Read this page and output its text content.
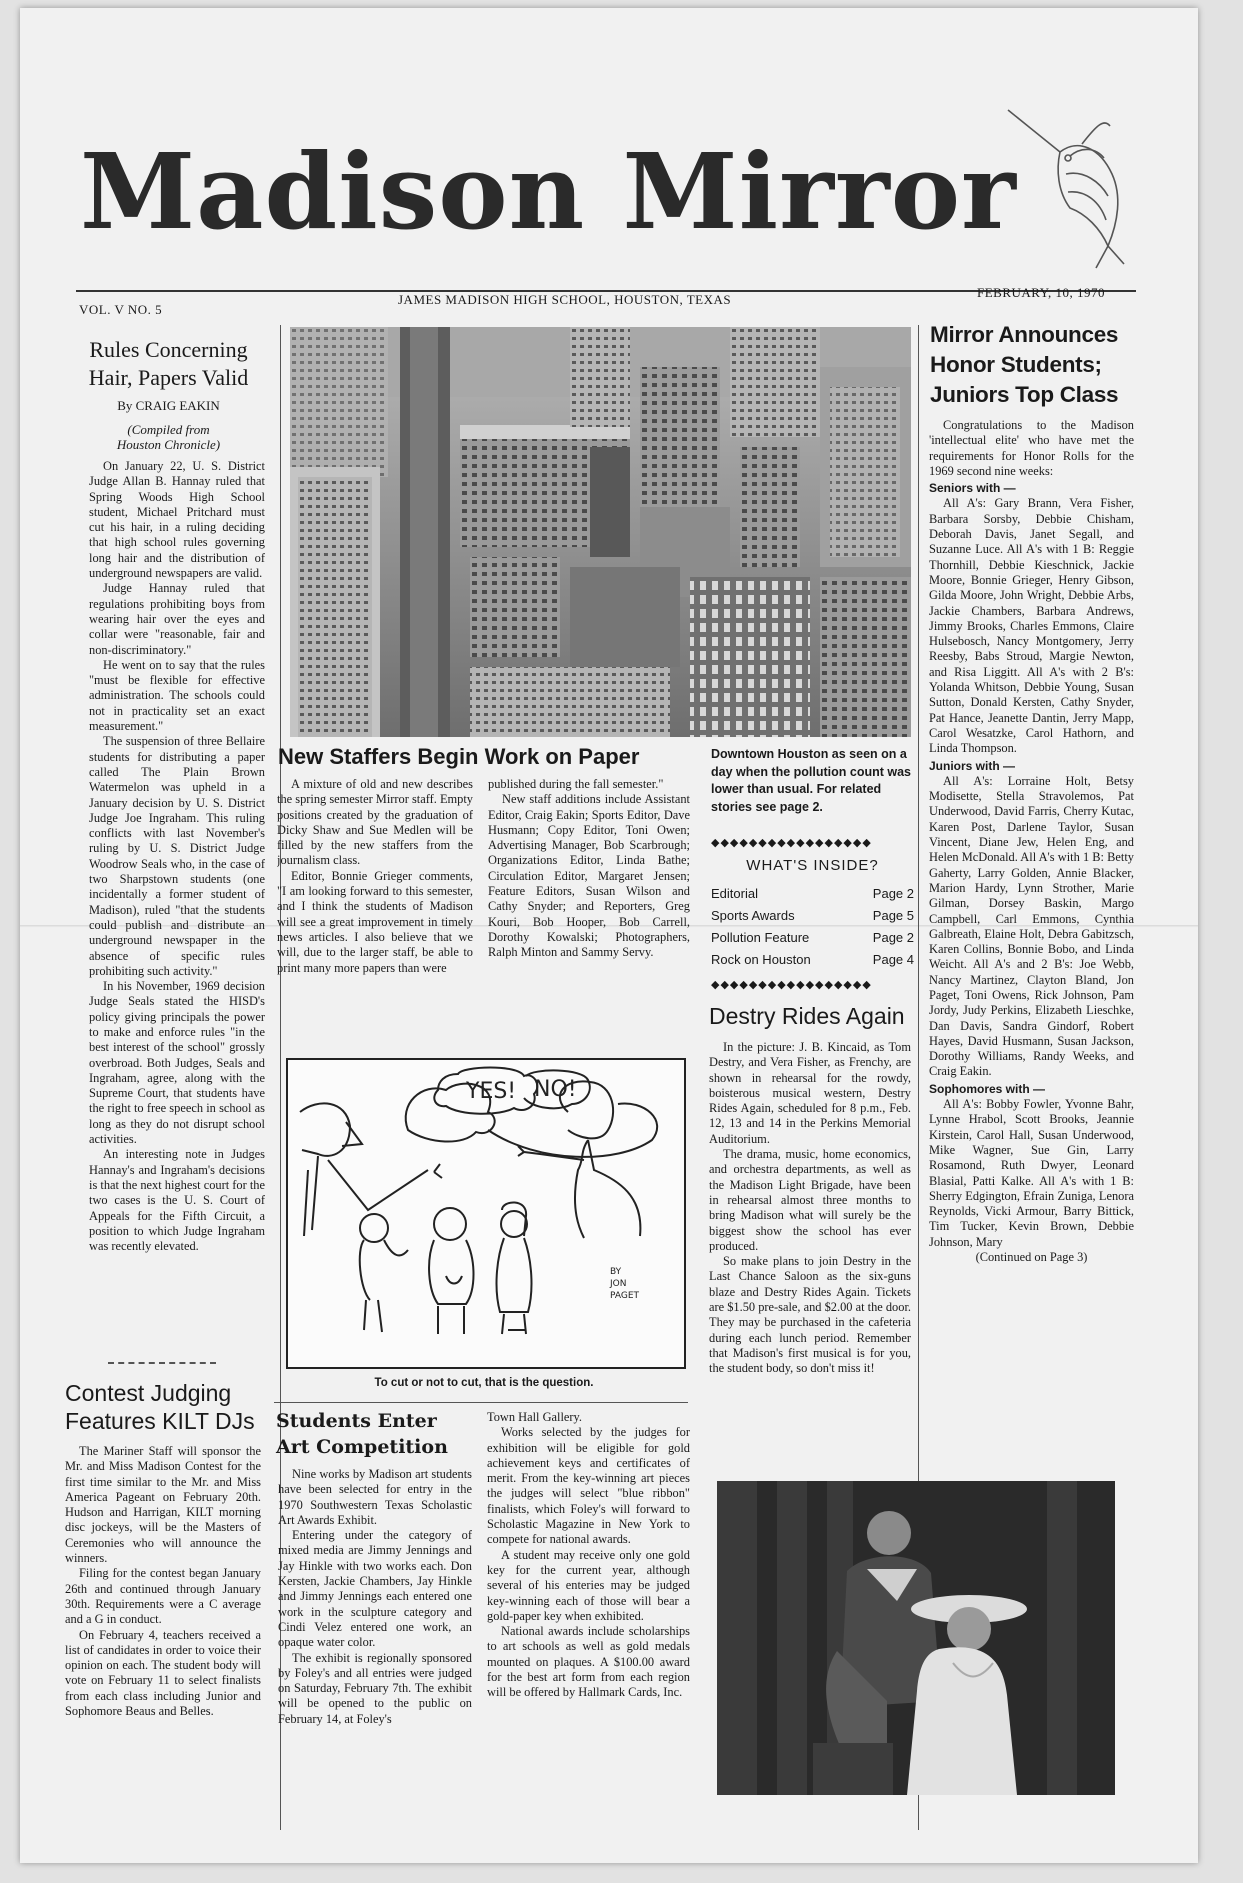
Madison Mirror
VOL. V NO. 5
JAMES MADISON HIGH SCHOOL, HOUSTON, TEXAS	FEBRUARY, 10, 1970
Rules Concerning
Hair, Papers Valid
By CRAIG EAKIN
(Compiled from
Houston Chronicle)

On January 22, U. S. District Judge Allan B. Hannay ruled that Spring Woods High School student, Michael Pritchard must cut his hair, in a ruling deciding that high school rules governing long hair and the distribution of underground newspapers are valid.

Judge Hannay ruled that regulations prohibiting boys from wearing hair over the eyes and collar were "reasonable, fair and non-discriminatory."

He went on to say that the rules "must be flexible for effective administration. The schools could not in practicality set an exact measurement."

The suspension of three Bellaire students for distributing a paper called The Plain Brown Watermelon was upheld in a January decision by U. S. District Judge Joe Ingraham. This ruling conflicts with last November's ruling by U. S. District Judge Woodrow Seals who, in the case of two Sharpstown students (one incidentally a former student of Madison), ruled "that the students could publish and distribute an underground newspaper in the absence of specific rules prohibiting such activity."

In his November, 1969 decision Judge Seals stated the HISD's policy giving principals the power to make and enforce rules "in the best interest of the school" grossly overbroad. Both Judges, Seals and Ingraham, agree, along with the Supreme Court, that students have the right to free speech in school as long as they do not disrupt school activities.

An interesting note in Judges Hannay's and Ingraham's decisions is that the next highest court for the two cases is the U. S. Court of Appeals for the Fifth Circuit, a position to which Judge Ingraham was recently elevated.

Contest Judging
Features KILT DJs

The Mariner Staff will sponsor the Mr. and Miss Madison Contest for the first time similar to the Mr. and Miss America Pageant on February 20th. Hudson and Harrigan, KILT morning disc jockeys, will be the Masters of Ceremonies who will announce the winners.

Filing for the contest began January 26th and continued through January 30th. Requirements were a C average and a G in conduct.

On February 4, teachers received a list of candidates in order to voice their opinion on each. The student body will vote on February 11 to select finalists from each class including Junior and Sophomore Beaus and Belles.

New Staffers Begin Work on Paper

A mixture of old and new describes the spring semester Mirror staff. Empty positions created by the graduation of Dicky Shaw and Sue Medlen will be filled by the new staffers from the journalism class.

Editor, Bonnie Grieger comments, "I am looking forward to this semester, and I think the students of Madison will see a great improvement in timely news articles. I also believe that we will, due to the larger staff, be able to print many more papers than were

published during the fall semester."

New staff additions include Assistant Editor, Craig Eakin; Sports Editor, Dave Husmann; Copy Editor, Toni Owen; Advertising Manager, Bob Scarbrough; Organizations Editor, Linda Bathe; Circulation Editor, Margaret Jensen; Feature Editors, Susan Wilson and Cathy Snyder; and Reporters, Greg Kouri, Bob Hooper, Bob Carrell, Dorothy Kowalski; Photographers, Ralph Minton and Sammy Servy.

Downtown Houston as seen on a day when the pollution count was lower than usual. For related stories see page 2.
◆◆◆◆◆◆◆◆◆◆◆◆◆◆◆◆◆
WHAT'S INSIDE?
Editorial	Page 2
Sports Awards	Page 5
Pollution Feature	Page 2
Rock on Houston	Page 4
◆◆◆◆◆◆◆◆◆◆◆◆◆◆◆◆◆
Destry Rides Again

In the picture: J. B. Kincaid, as Tom Destry, and Vera Fisher, as Frenchy, are shown in rehearsal for the rowdy, boisterous musical western, Destry Rides Again, scheduled for 8 p.m., Feb. 12, 13 and 14 in the Perkins Memorial Auditorium.

The drama, music, home economics, and orchestra departments, as well as the Madison Light Brigade, have been in rehearsal almost three months to bring Madison what will surely be the biggest show the school has ever produced.

So make plans to join Destry in the Last Chance Saloon as the six-guns blaze and Destry Rides Again. Tickets are $1.50 pre-sale, and $2.00 at the door. They may be purchased in the cafeteria during each lunch period. Remember that Madison's first musical is for you, the student body, so don't miss it!

YES! NO!
BY
JON
PAGET
To cut or not to cut, that is the question.
Students Enter
Art Competition

Nine works by Madison art students have been selected for entry in the 1970 Southwestern Texas Scholastic Art Awards Exhibit.

Entering under the category of mixed media are Jimmy Jennings and Jay Hinkle with two works each. Don Kersten, Jackie Chambers, Jay Hinkle and Jimmy Jennings each entered one work in the sculpture category and Cindi Velez entered one work, an opaque water color.

The exhibit is regionally sponsored by Foley's and all entries were judged on Saturday, February 7th. The exhibit will be opened to the public on February 14, at Foley's

Town Hall Gallery.

Works selected by the judges for exhibition will be eligible for gold achievement keys and certificates of merit. From the key-winning art pieces the judges will select "blue ribbon" finalists, which Foley's will forward to Scholastic Magazine in New York to compete for national awards.

A student may receive only one gold key for the current year, although several of his enteries may be judged key-winning each of those will bear a gold-paper key when exhibited.

National awards include scholarships to art schools as well as gold medals mounted on plaques. A $100.00 award for the best art form from each region will be offered by Hallmark Cards, Inc.

Mirror Announces
Honor Students;
Juniors Top Class

Congratulations to the Madison 'intellectual elite' who have met the requirements for Honor Rolls for the 1969 second nine weeks:

Seniors with —

All A's: Gary Brann, Vera Fisher, Barbara Sorsby, Debbie Chisham, Deborah Davis, Janet Segall, and Suzanne Luce. All A's with 1 B: Reggie Thornhill, Debbie Kieschnick, Jackie Moore, Bonnie Grieger, Henry Gibson, Gilda Moore, John Wright, Debbie Arbs, Jackie Chambers, Barbara Andrews, Jimmy Brooks, Charles Emmons, Claire Hulsebosch, Nancy Montgomery, Jerry Reesby, Babs Stroud, Margie Newton, and Risa Liggitt. All A's with 2 B's: Yolanda Whitson, Debbie Young, Susan Sutton, Donald Kersten, Cathy Snyder, Pat Hance, Jeanette Dantin, Jerry Mapp, Carol Wesatzke, Carol Hathorn, and Linda Thompson.

Juniors with —

All A's: Lorraine Holt, Betsy Modisette, Stella Stravolemos, Pat Underwood, David Farris, Cherry Kutac, Karen Post, Darlene Taylor, Susan Vincent, Diane Jew, Helen Eng, and Helen McDonald. All A's with 1 B: Betty Gaherty, Larry Golden, Annie Blacker, Marion Hardy, Lynn Strother, Marie Gilman, Dorsey Baskin, Margo Campbell, Carl Emmons, Cynthia Galbreath, Elaine Holt, Debra Gabitzsch, Karen Collins, Bonnie Bobo, and Linda Weicht. All A's and 2 B's: Joe Webb, Nancy Martinez, Clayton Bland, Jon Paget, Toni Owens, Rick Johnson, Pam Jordy, Judy Perkins, Elizabeth Lieschke, Dan Davis, Sandra Gindorf, Robert Hayes, David Husmann, Susan Jackson, Dorothy Williams, Randy Weeks, and Craig Eakin.

Sophomores with —

All A's: Bobby Fowler, Yvonne Bahr, Lynne Hrabol, Scott Brooks, Jeannie Kirstein, Carol Hall, Susan Underwood, Mike Wagner, Sue Gin, Larry Rosamond, Ruth Dwyer, Leonard Blasial, Patti Kalke. All A's with 1 B: Sherry Edgington, Efrain Zuniga, Lenora Reynolds, Vicki Armour, Barry Bittick, Tim Tucker, Kevin Brown, Debbie Johnson, Mary

(Continued on Page 3)
